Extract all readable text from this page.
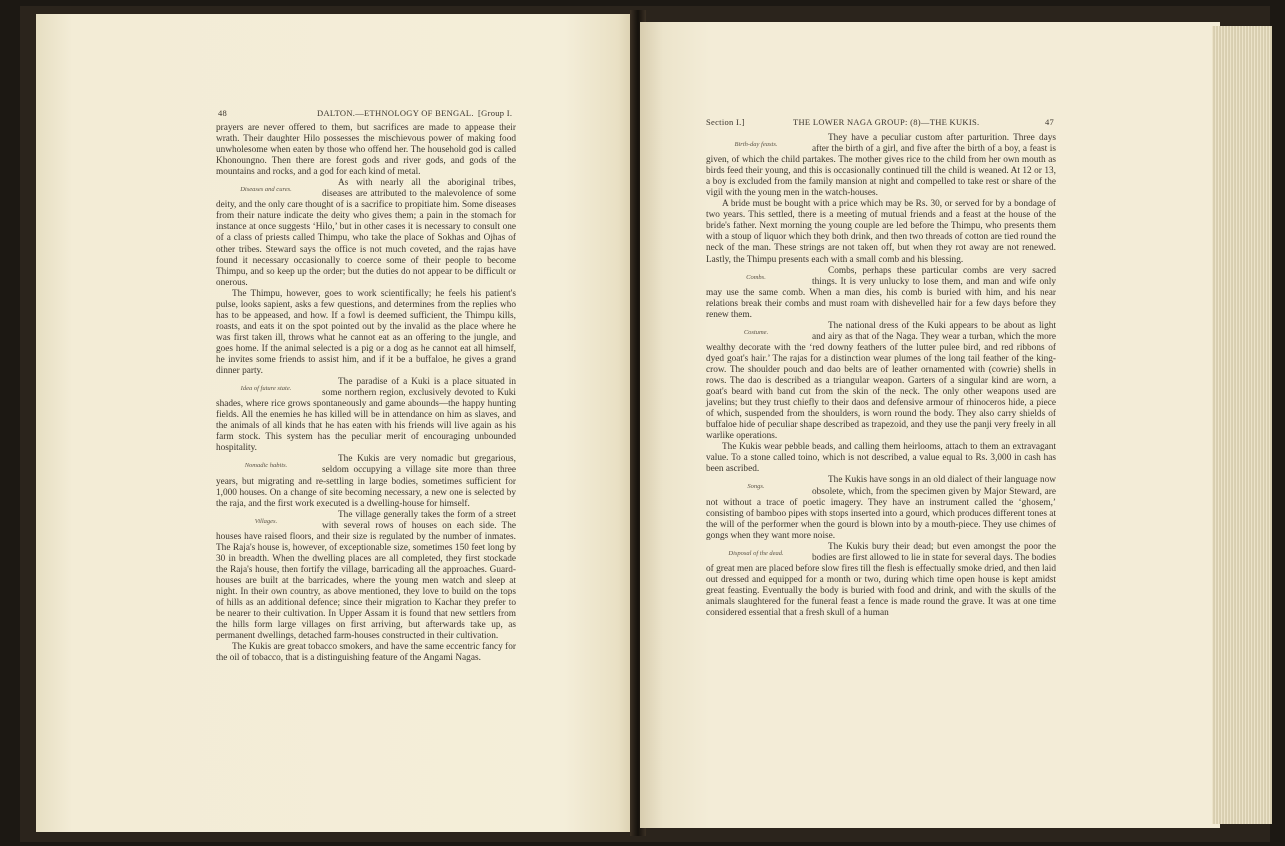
48	DALTON.—ETHNOLOGY OF BENGAL. [Group I.

prayers are never offered to them, but sacrifices are made to appease their wrath. Their daughter Hilo possesses the mischievous power of making food unwholesome when eaten by those who offend her. The household god is called Khonoungno. Then there are forest gods and river gods, and gods of the mountains and rocks, and a god for each kind of metal.

Diseases and cures.

As with nearly all the aboriginal tribes, diseases are attributed to the malevolence of some deity, and the only care thought of is a sacrifice to propitiate him. Some diseases from their nature indicate the deity who gives them; a pain in the stomach for instance at once suggests ‘Hilo,’ but in other cases it is necessary to consult one of a class of priests called Thimpu, who take the place of Sokhas and Ojhas of other tribes. Steward says the office is not much coveted, and the rajas have found it necessary occasionally to coerce some of their people to become Thimpu, and so keep up the order; but the duties do not appear to be difficult or onerous.

The Thimpu, however, goes to work scientifically; he feels his patient's pulse, looks sapient, asks a few questions, and determines from the replies who has to be appeased, and how. If a fowl is deemed sufficient, the Thimpu kills, roasts, and eats it on the spot pointed out by the invalid as the place where he was first taken ill, throws what he cannot eat as an offering to the jungle, and goes home. If the animal selected is a pig or a dog as he cannot eat all himself, he invites some friends to assist him, and if it be a buffaloe, he gives a grand dinner party.

Idea of future state.

The paradise of a Kuki is a place situated in some northern region, exclusively devoted to Kuki shades, where rice grows spontaneously and game abounds—the happy hunting fields. All the enemies he has killed will be in attendance on him as slaves, and the animals of all kinds that he has eaten with his friends will live again as his farm stock. This system has the peculiar merit of encouraging unbounded hospitality.

Nomadic habits.

The Kukis are very nomadic but gregarious, seldom occupying a village site more than three years, but migrating and re-settling in large bodies, sometimes sufficient for 1,000 houses. On a change of site becoming necessary, a new one is selected by the raja, and the first work executed is a dwelling-house for himself.

Villages.

The village generally takes the form of a street with several rows of houses on each side. The houses have raised floors, and their size is regulated by the number of inmates. The Raja's house is, however, of exceptionable size, sometimes 150 feet long by 30 in breadth. When the dwelling places are all completed, they first stockade the Raja's house, then fortify the village, barricading all the approaches. Guard-houses are built at the barricades, where the young men watch and sleep at night. In their own country, as above mentioned, they love to build on the tops of hills as an additional defence; since their migration to Kachar they prefer to be nearer to their cultivation. In Upper Assam it is found that new settlers from the hills form large villages on first arriving, but afterwards take up, as permanent dwellings, detached farm-houses constructed in their cultivation.

The Kukis are great tobacco smokers, and have the same eccentric fancy for the oil of tobacco, that is a distinguishing feature of the Angami Nagas.

Section I.]	THE LOWER NAGA GROUP: (8)—THE KUKIS.	47
Birth-day feasts.

They have a peculiar custom after parturition. Three days after the birth of a girl, and five after the birth of a boy, a feast is given, of which the child partakes. The mother gives rice to the child from her own mouth as birds feed their young, and this is occasionally continued till the child is weaned. At 12 or 13, a boy is excluded from the family mansion at night and compelled to take rest or share of the vigil with the young men in the watch-houses.

A bride must be bought with a price which may be Rs. 30, or served for by a bondage of two years. This settled, there is a meeting of mutual friends and a feast at the house of the bride's father. Next morning the young couple are led before the Thimpu, who presents them with a stoup of liquor which they both drink, and then two threads of cotton are tied round the neck of the man. These strings are not taken off, but when they rot away are not renewed. Lastly, the Thimpu presents each with a small comb and his blessing.

Combs.

Combs, perhaps these particular combs are very sacred things. It is very unlucky to lose them, and man and wife only may use the same comb. When a man dies, his comb is buried with him, and his near relations break their combs and must roam with dishevelled hair for a few days before they renew them.

Costume.

The national dress of the Kuki appears to be about as light and airy as that of the Naga. They wear a turban, which the more wealthy decorate with the ‘red downy feathers of the lutter pulee bird, and red ribbons of dyed goat's hair.’ The rajas for a distinction wear plumes of the long tail feather of the king-crow. The shoulder pouch and dao belts are of leather ornamented with (cowrie) shells in rows. The dao is described as a triangular weapon. Garters of a singular kind are worn, a goat's beard with band cut from the skin of the neck. The only other weapons used are javelins; but they trust chiefly to their daos and defensive armour of rhinoceros hide, a piece of which, suspended from the shoulders, is worn round the body. They also carry shields of buffaloe hide of peculiar shape described as trapezoid, and they use the panji very freely in all warlike operations.

The Kukis wear pebble beads, and calling them heirlooms, attach to them an extravagant value. To a stone called toino, which is not described, a value equal to Rs. 3,000 in cash has been ascribed.

Songs.

The Kukis have songs in an old dialect of their language now obsolete, which, from the specimen given by Major Steward, are not without a trace of poetic imagery. They have an instrument called the ‘ghosem,’ consisting of bamboo pipes with stops inserted into a gourd, which produces different tones at the will of the performer when the gourd is blown into by a mouth-piece. They use chimes of gongs when they want more noise.

Disposal of the dead.

The Kukis bury their dead; but even amongst the poor the bodies are first allowed to lie in state for several days. The bodies of great men are placed before slow fires till the flesh is effectually smoke dried, and then laid out dressed and equipped for a month or two, during which time open house is kept amidst great feasting. Eventually the body is buried with food and drink, and with the skulls of the animals slaughtered for the funeral feast a fence is made round the grave. It was at one time considered essential that a fresh skull of a human
